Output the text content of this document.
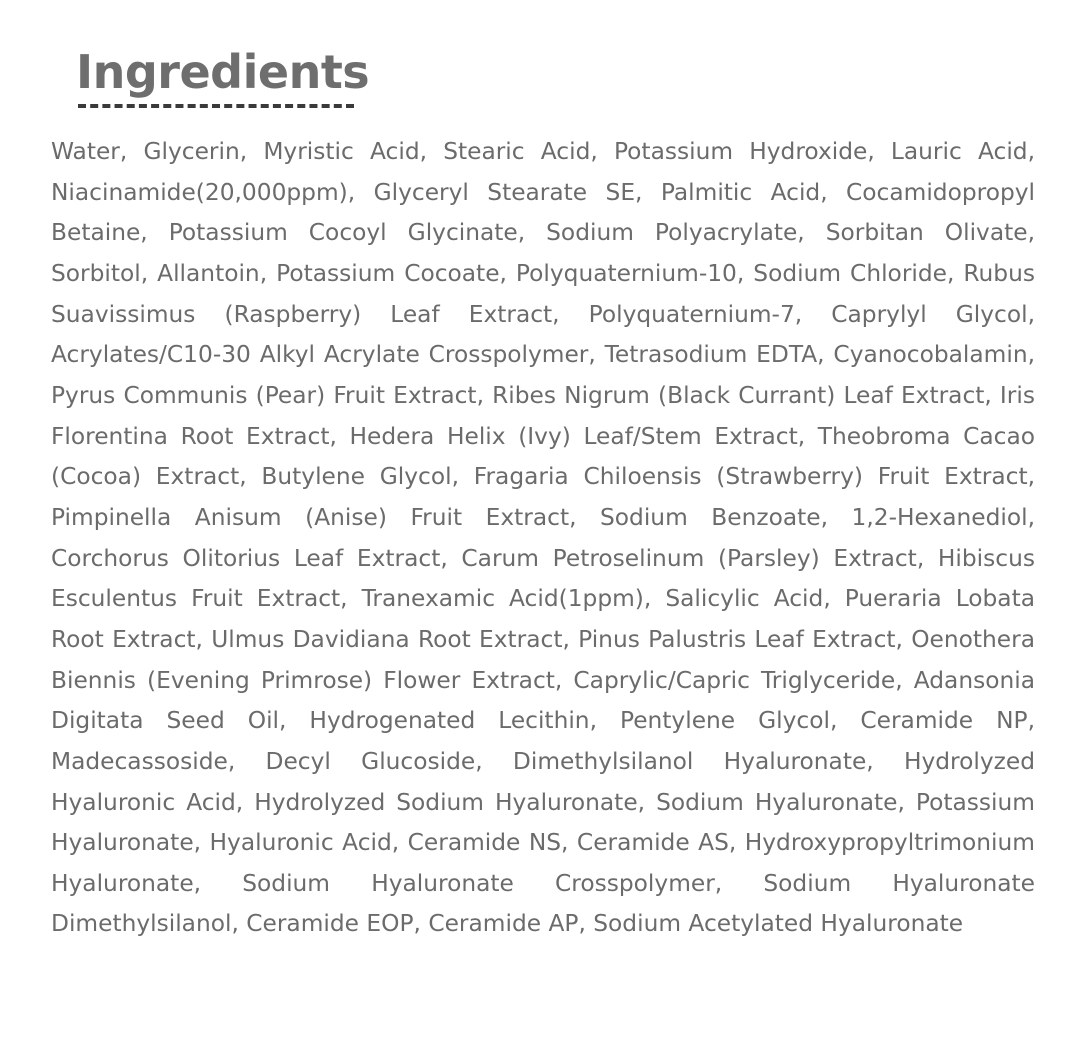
Ingredients

Water, Glycerin, Myristic Acid, Stearic Acid, Potassium Hydroxide, Lauric Acid, Niacinamide(20,000ppm), Glyceryl Stearate SE, Palmitic Acid, Cocamidopropyl Betaine, Potassium Cocoyl Glycinate, Sodium Polyacrylate, Sorbitan Olivate, Sorbitol, Allantoin, Potassium Cocoate, Polyquaternium-10, Sodium Chloride, Rubus Suavissimus (Raspberry) Leaf Extract, Polyquaternium-7, Caprylyl Glycol, Acrylates/C10-30 Alkyl Acrylate Crosspolymer, Tetrasodium EDTA, Cyanocobalamin, Pyrus Communis (Pear) Fruit Extract, Ribes Nigrum (Black Currant) Leaf Extract, Iris Florentina Root Extract, Hedera Helix (Ivy) Leaf/Stem Extract, Theobroma Cacao (Cocoa) Extract, Butylene Glycol, Fragaria Chiloensis (Strawberry) Fruit Extract, Pimpinella Anisum (Anise) Fruit Extract, Sodium Benzoate, 1,2-Hexanediol, Corchorus Olitorius Leaf Extract, Carum Petroselinum (Parsley) Extract, Hibiscus Esculentus Fruit Extract, Tranexamic Acid(1ppm), Salicylic Acid, Pueraria Lobata Root Extract, Ulmus Davidiana Root Extract, Pinus Palustris Leaf Extract, Oenothera Biennis (Evening Primrose) Flower Extract, Caprylic/Capric Triglyceride, Adansonia Digitata Seed Oil, Hydrogenated Lecithin, Pentylene Glycol, Ceramide NP, Madecassoside, Decyl Glucoside, Dimethylsilanol Hyaluronate, Hydrolyzed Hyaluronic Acid, Hydrolyzed Sodium Hyaluronate, Sodium Hyaluronate, Potassium Hyaluronate, Hyaluronic Acid, Ceramide NS, Ceramide AS, Hydroxypropyltrimonium Hyaluronate, Sodium Hyaluronate Crosspolymer, Sodium Hyaluronate Dimethylsilanol, Ceramide EOP, Ceramide AP, Sodium Acetylated Hyaluronate
